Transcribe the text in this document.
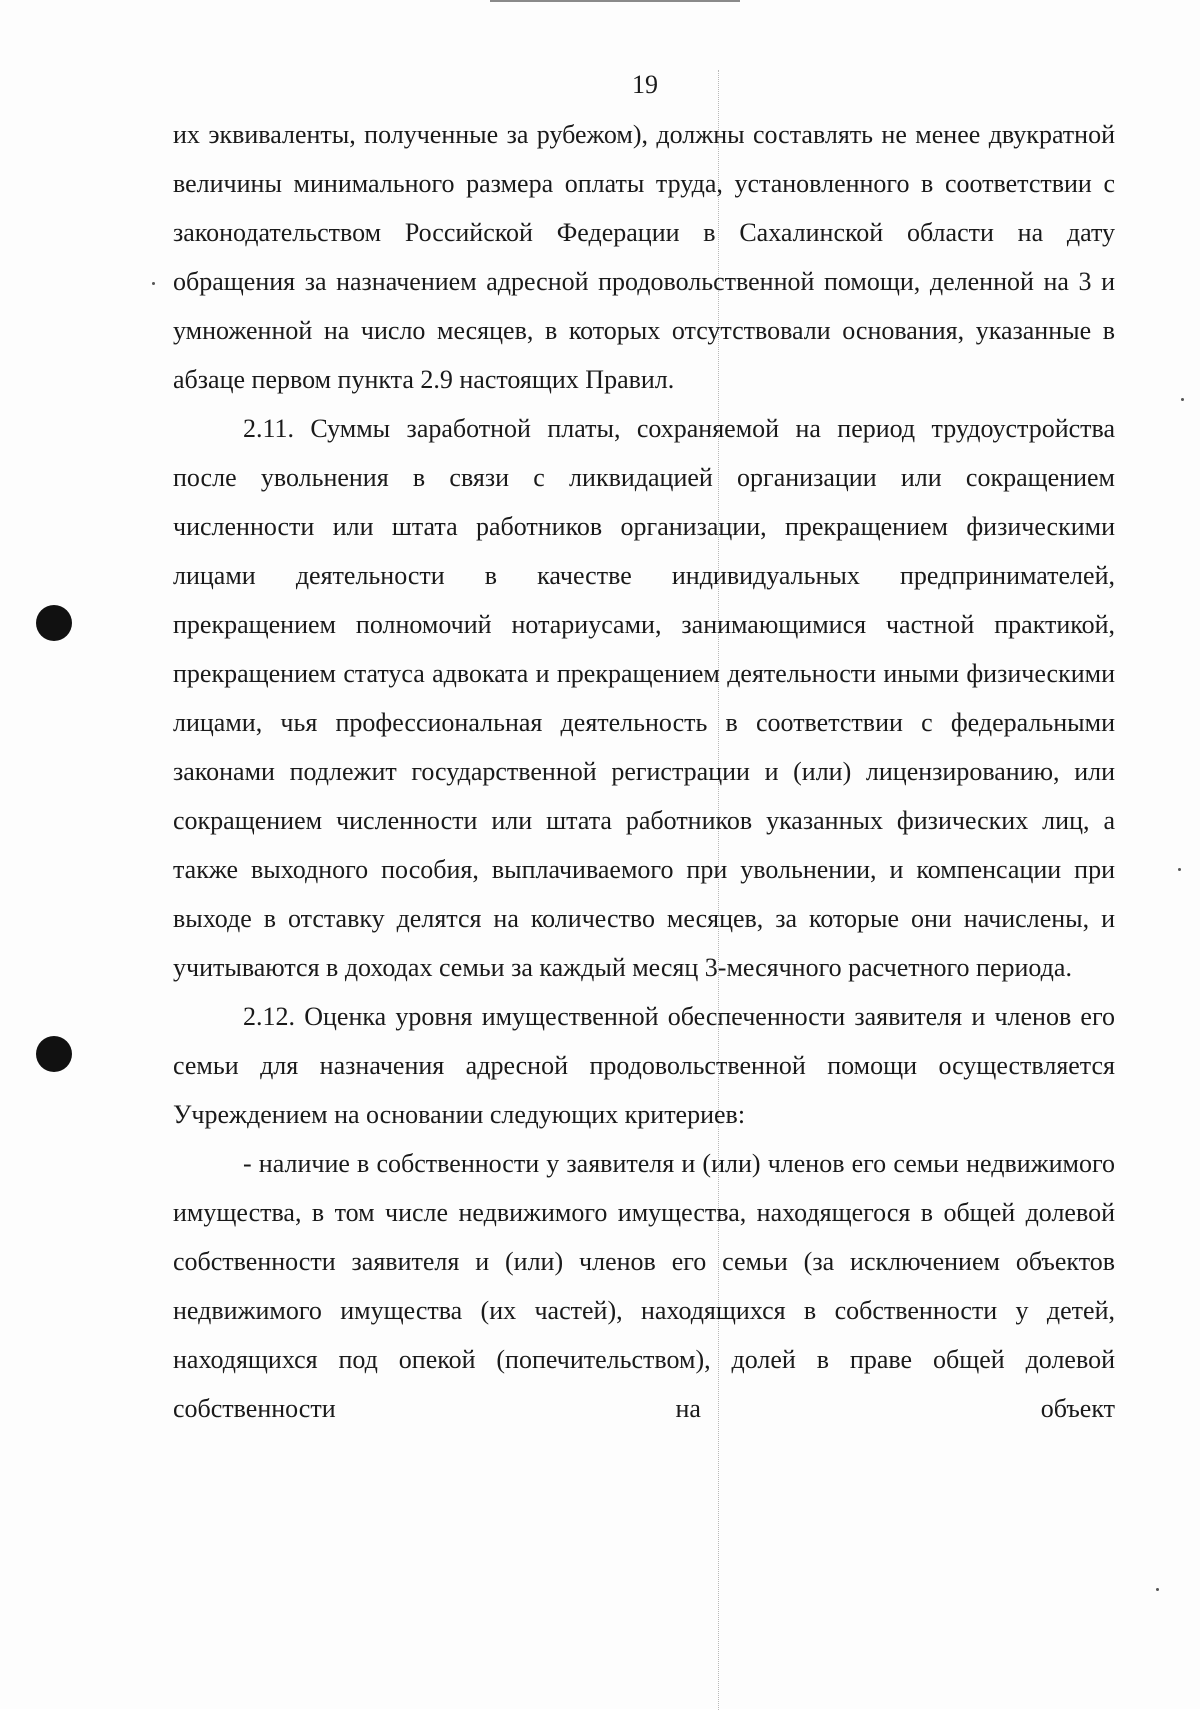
19

их эквиваленты, полученные за рубежом), должны составлять не менее двукратной величины минимального размера оплаты труда, установленного в соответствии с законодательством Российской Федерации в Сахалинской области на дату обращения за назначением адресной продовольственной помощи, деленной на 3 и умноженной на число месяцев, в которых отсутствовали основания, указанные в абзаце первом пункта 2.9 настоящих Правил.

2.11. Суммы заработной платы, сохраняемой на период трудоустройства после увольнения в связи с ликвидацией организации или сокращением численности или штата работников организации, прекращением физическими лицами деятельности в качестве индивидуальных предпринимателей, прекращением полномочий нотариусами, занимающимися частной практикой, прекращением статуса адвоката и прекращением деятельности иными физическими лицами, чья профессиональная деятельность в соответствии с федеральными законами подлежит государственной регистрации и (или) лицензированию, или сокращением численности или штата работников указанных физических лиц, а также выходного пособия, выплачиваемого при увольнении, и компенсации при выходе в отставку делятся на количество месяцев, за которые они начислены, и учитываются в доходах семьи за каждый месяц 3-месячного расчетного периода.

2.12. Оценка уровня имущественной обеспеченности заявителя и членов его семьи для назначения адресной продовольственной помощи осуществляется Учреждением на основании следующих критериев:

- наличие в собственности у заявителя и (или) членов его семьи недвижимого имущества, в том числе недвижимого имущества, находящегося в общей долевой собственности заявителя и (или) членов его семьи (за исключением объектов недвижимого имущества (их частей), находящихся в собственности у детей, находящихся под опекой (попечительством), долей в праве общей долевой собственности на объект
